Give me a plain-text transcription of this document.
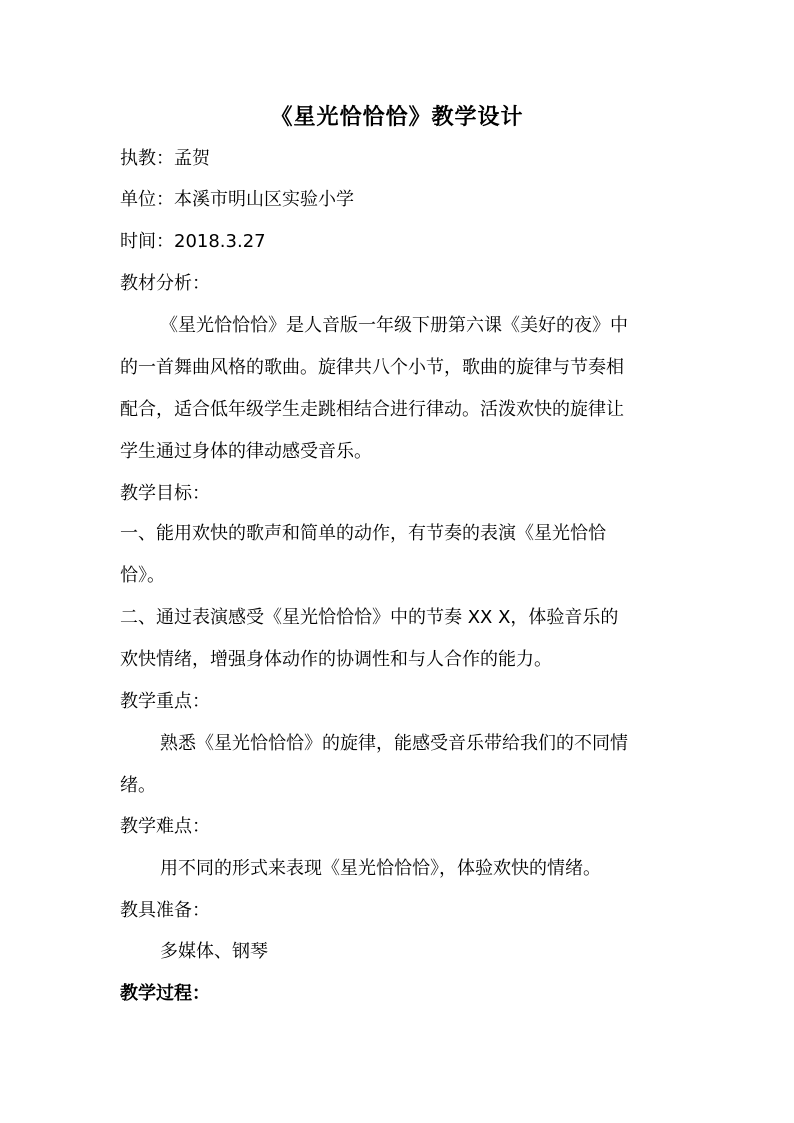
《星光恰恰恰》教学设计
执教：孟贺
单位：本溪市明山区实验小学
时间：2018.3.27
教材分析：
《星光恰恰恰》是人音版一年级下册第六课《美好的夜》中
的一首舞曲风格的歌曲。旋律共八个小节，歌曲的旋律与节奏相
配合，适合低年级学生走跳相结合进行律动。活泼欢快的旋律让
学生通过身体的律动感受音乐。
教学目标：
一、能用欢快的歌声和简单的动作，有节奏的表演《星光恰恰
恰》。
二、通过表演感受《星光恰恰恰》中的节奏 XX X，体验音乐的
欢快情绪，增强身体动作的协调性和与人合作的能力。
教学重点：
熟悉《星光恰恰恰》的旋律，能感受音乐带给我们的不同情
绪。
教学难点：
用不同的形式来表现《星光恰恰恰》，体验欢快的情绪。
教具准备：
多媒体、钢琴
教学过程：
